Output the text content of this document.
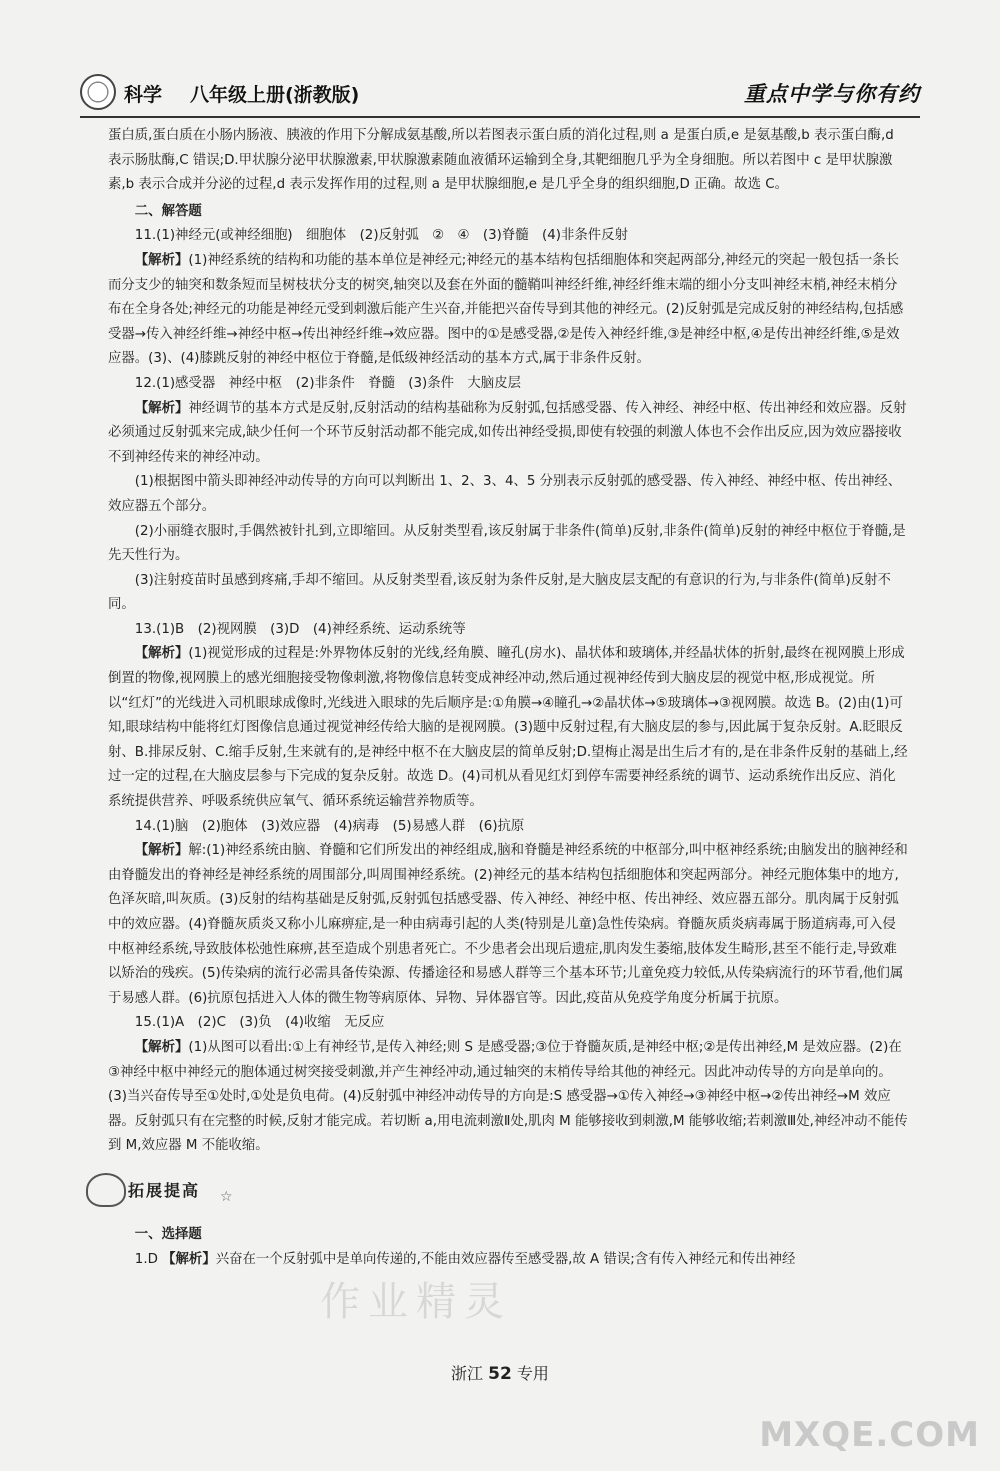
科学 八年级上册(浙教版)	重点中学与你有约

蛋白质,蛋白质在小肠内肠液、胰液的作用下分解成氨基酸,所以若图表示蛋白质的消化过程,则 a 是蛋白质,e 是氨基酸,b 表示蛋白酶,d 表示肠肽酶,C 错误;D.甲状腺分泌甲状腺激素,甲状腺激素随血液循环运输到全身,其靶细胞几乎为全身细胞。所以若图中 c 是甲状腺激素,b 表示合成并分泌的过程,d 表示发挥作用的过程,则 a 是甲状腺细胞,e 是几乎全身的组织细胞,D 正确。故选 C。

二、解答题
11.(1)神经元(或神经细胞)　细胞体　(2)反射弧　②　④　(3)脊髓　(4)非条件反射

【解析】(1)神经系统的结构和功能的基本单位是神经元;神经元的基本结构包括细胞体和突起两部分,神经元的突起一般包括一条长而分支少的轴突和数条短而呈树枝状分支的树突,轴突以及套在外面的髓鞘叫神经纤维,神经纤维末端的细小分支叫神经末梢,神经末梢分布在全身各处;神经元的功能是神经元受到刺激后能产生兴奋,并能把兴奋传导到其他的神经元。(2)反射弧是完成反射的神经结构,包括感受器→传入神经纤维→神经中枢→传出神经纤维→效应器。图中的①是感受器,②是传入神经纤维,③是神经中枢,④是传出神经纤维,⑤是效应器。(3)、(4)膝跳反射的神经中枢位于脊髓,是低级神经活动的基本方式,属于非条件反射。

12.(1)感受器　神经中枢　(2)非条件　脊髓　(3)条件　大脑皮层

【解析】神经调节的基本方式是反射,反射活动的结构基础称为反射弧,包括感受器、传入神经、神经中枢、传出神经和效应器。反射必须通过反射弧来完成,缺少任何一个环节反射活动都不能完成,如传出神经受损,即使有较强的刺激人体也不会作出反应,因为效应器接收不到神经传来的神经冲动。

(1)根据图中箭头即神经冲动传导的方向可以判断出 1、2、3、4、5 分别表示反射弧的感受器、传入神经、神经中枢、传出神经、效应器五个部分。

(2)小丽缝衣服时,手偶然被针扎到,立即缩回。从反射类型看,该反射属于非条件(简单)反射,非条件(简单)反射的神经中枢位于脊髓,是先天性行为。

(3)注射疫苗时虽感到疼痛,手却不缩回。从反射类型看,该反射为条件反射,是大脑皮层支配的有意识的行为,与非条件(简单)反射不同。

13.(1)B　(2)视网膜　(3)D　(4)神经系统、运动系统等

【解析】(1)视觉形成的过程是:外界物体反射的光线,经角膜、瞳孔(房水)、晶状体和玻璃体,并经晶状体的折射,最终在视网膜上形成倒置的物像,视网膜上的感光细胞接受物像刺激,将物像信息转变成神经冲动,然后通过视神经传到大脑皮层的视觉中枢,形成视觉。所以“红灯”的光线进入司机眼球成像时,光线进入眼球的先后顺序是:①角膜→④瞳孔→②晶状体→⑤玻璃体→③视网膜。故选 B。(2)由(1)可知,眼球结构中能将红灯图像信息通过视觉神经传给大脑的是视网膜。(3)题中反射过程,有大脑皮层的参与,因此属于复杂反射。A.眨眼反射、B.排尿反射、C.缩手反射,生来就有的,是神经中枢不在大脑皮层的简单反射;D.望梅止渴是出生后才有的,是在非条件反射的基础上,经过一定的过程,在大脑皮层参与下完成的复杂反射。故选 D。(4)司机从看见红灯到停车需要神经系统的调节、运动系统作出反应、消化系统提供营养、呼吸系统供应氧气、循环系统运输营养物质等。

14.(1)脑　(2)胞体　(3)效应器　(4)病毒　(5)易感人群　(6)抗原

【解析】解:(1)神经系统由脑、脊髓和它们所发出的神经组成,脑和脊髓是神经系统的中枢部分,叫中枢神经系统;由脑发出的脑神经和由脊髓发出的脊神经是神经系统的周围部分,叫周围神经系统。(2)神经元的基本结构包括细胞体和突起两部分。神经元胞体集中的地方,色泽灰暗,叫灰质。(3)反射的结构基础是反射弧,反射弧包括感受器、传入神经、神经中枢、传出神经、效应器五部分。肌肉属于反射弧中的效应器。(4)脊髓灰质炎又称小儿麻痹症,是一种由病毒引起的人类(特别是儿童)急性传染病。脊髓灰质炎病毒属于肠道病毒,可入侵中枢神经系统,导致肢体松弛性麻痹,甚至造成个别患者死亡。不少患者会出现后遗症,肌肉发生萎缩,肢体发生畸形,甚至不能行走,导致难以矫治的残疾。(5)传染病的流行必需具备传染源、传播途径和易感人群等三个基本环节;儿童免疫力较低,从传染病流行的环节看,他们属于易感人群。(6)抗原包括进入人体的微生物等病原体、异物、异体器官等。因此,疫苗从免疫学角度分析属于抗原。

15.(1)A　(2)C　(3)负　(4)收缩　无反应

【解析】(1)从图可以看出:①上有神经节,是传入神经;则 S 是感受器;③位于脊髓灰质,是神经中枢;②是传出神经,M 是效应器。(2)在③神经中枢中神经元的胞体通过树突接受刺激,并产生神经冲动,通过轴突的末梢传导给其他的神经元。因此冲动传导的方向是单向的。(3)当兴奋传导至①处时,①处是负电荷。(4)反射弧中神经冲动传导的方向是:S 感受器→①传入神经→③神经中枢→②传出神经→M 效应器。反射弧只有在完整的时候,反射才能完成。若切断 a,用电流刺激Ⅱ处,肌肉 M 能够接收到刺激,M 能够收缩;若刺激Ⅲ处,神经冲动不能传到 M,效应器 M 不能收缩。

拓展提高 ☆
一、选择题

1.D 【解析】兴奋在一个反射弧中是单向传递的,不能由效应器传至感受器,故 A 错误;含有传入神经元和传出神经

作业精灵
浙江 52 专用
MXQE.COM
